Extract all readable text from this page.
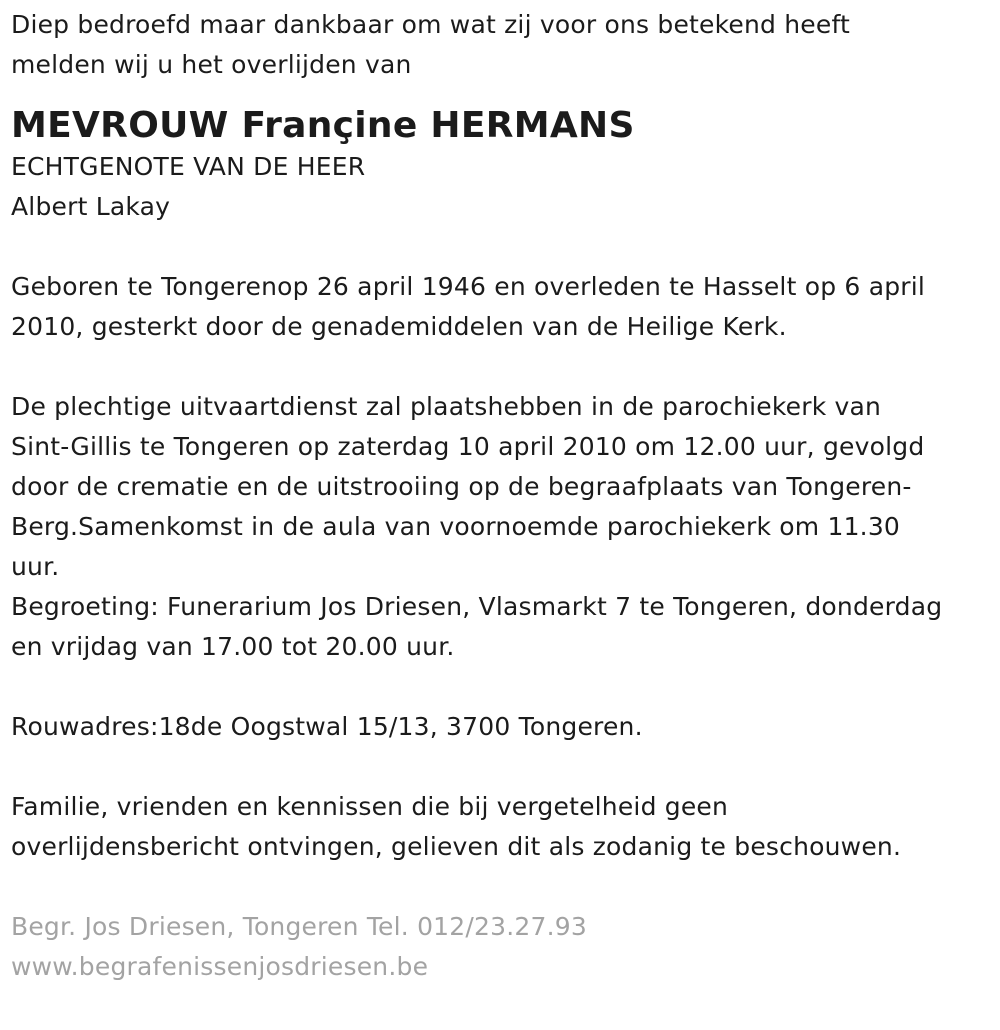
Diep bedroefd maar dankbaar om wat zij voor ons betekend heeft
melden wij u het overlijden van
MEVROUW Françine HERMANS
ECHTGENOTE VAN DE HEER
Albert Lakay
Geboren te Tongerenop 26 april 1946 en overleden te Hasselt op 6 april
2010, gesterkt door de genademiddelen van de Heilige Kerk.
De plechtige uitvaartdienst zal plaatshebben in de parochiekerk van
Sint-Gillis te Tongeren op zaterdag 10 april 2010 om 12.00 uur, gevolgd
door de crematie en de uitstrooiing op de begraafplaats van Tongeren-
Berg.Samenkomst in de aula van voornoemde parochiekerk om 11.30
uur.
Begroeting: Funerarium Jos Driesen, Vlasmarkt 7 te Tongeren, donderdag
en vrijdag van 17.00 tot 20.00 uur.
Rouwadres:18de Oogstwal 15/13, 3700 Tongeren.
Familie, vrienden en kennissen die bij vergetelheid geen
overlijdensbericht ontvingen, gelieven dit als zodanig te beschouwen.
Begr. Jos Driesen, Tongeren Tel. 012/23.27.93
www.begrafenissenjosdriesen.be
